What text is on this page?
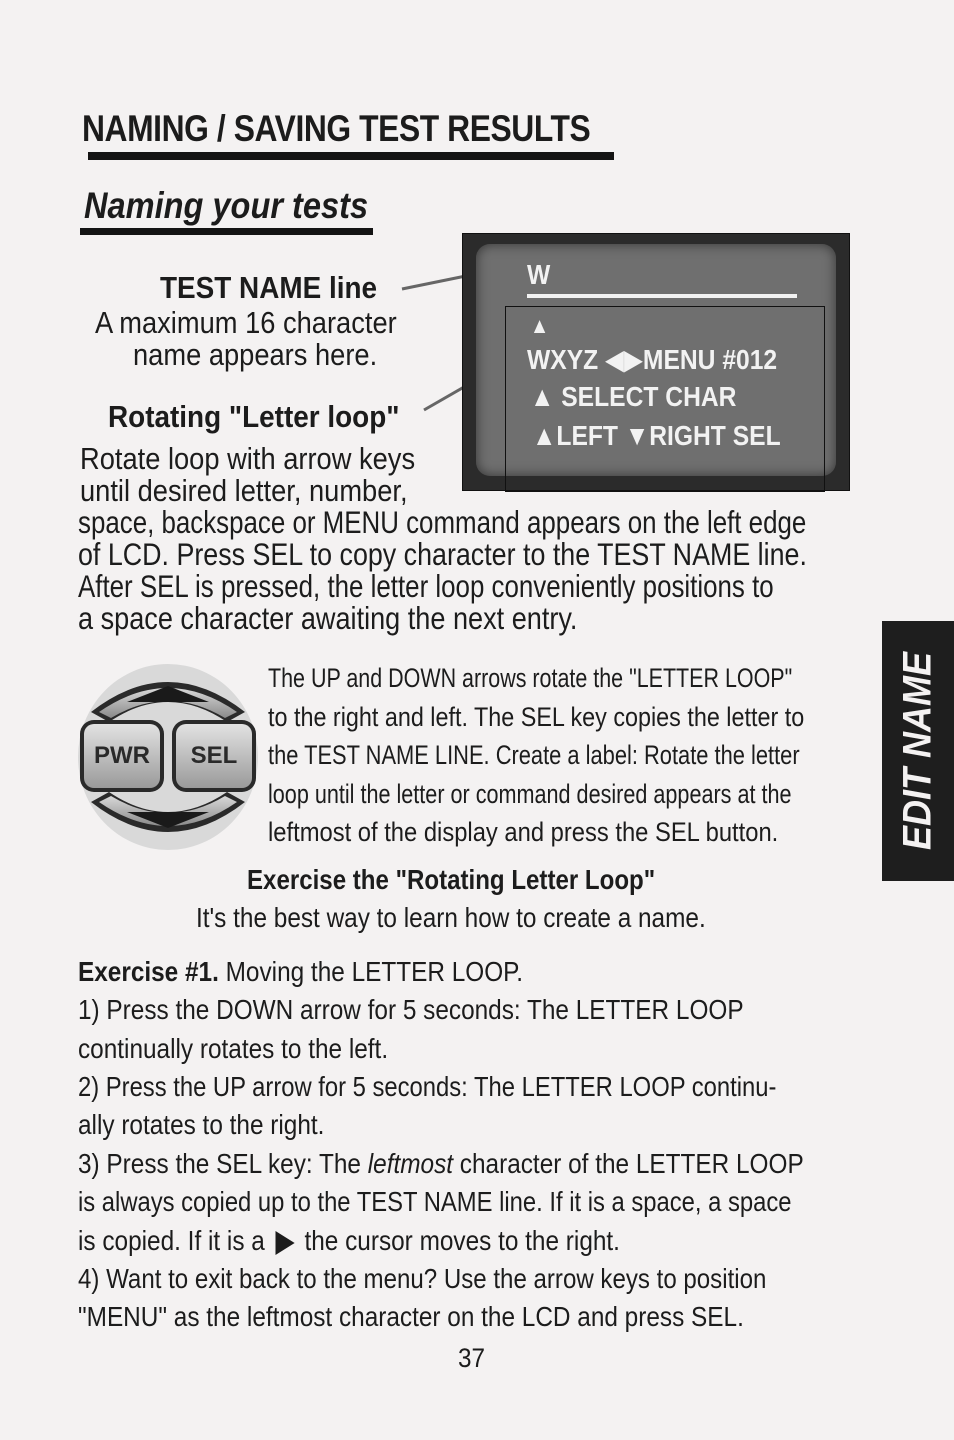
NAMING / SAVING TEST RESULTS
Naming your tests
TEST NAME line
A maximum 16 character
name appears here.
Rotating "Letter loop"
Rotate loop with arrow keys
until desired letter, number,
W
▲
WXYZ ◀▶MENU #012
▲ SELECT CHAR
▲LEFT ▼RIGHT SEL
space, backspace or MENU command appears on the left edge
of LCD. Press SEL to copy character to the TEST NAME line.
After SEL is pressed, the letter loop conveniently positions to
a space character awaiting the next entry.
PWR	SEL
The UP and DOWN arrows rotate the "LETTER LOOP"
to the right and left. The SEL key copies the letter to
the TEST NAME LINE. Create a label: Rotate the letter
loop until the letter or command desired appears at the
leftmost of the display and press the SEL button.
Exercise the "Rotating Letter Loop"
It's the best way to learn how to create a name.
Exercise #1. Moving the LETTER LOOP.
1) Press the DOWN arrow for 5 seconds: The LETTER LOOP
continually rotates to the left.
2) Press the UP arrow for 5 seconds: The LETTER LOOP continu-
ally rotates to the right.
3) Press the SEL key: The leftmost character of the LETTER LOOP
is always copied up to the TEST NAME line. If it is a space, a space
is copied. If it is a  the cursor moves to the right.
4) Want to exit back to the menu? Use the arrow keys to position
"MENU" as the leftmost character on the LCD and press SEL.
37
EDIT NAME
